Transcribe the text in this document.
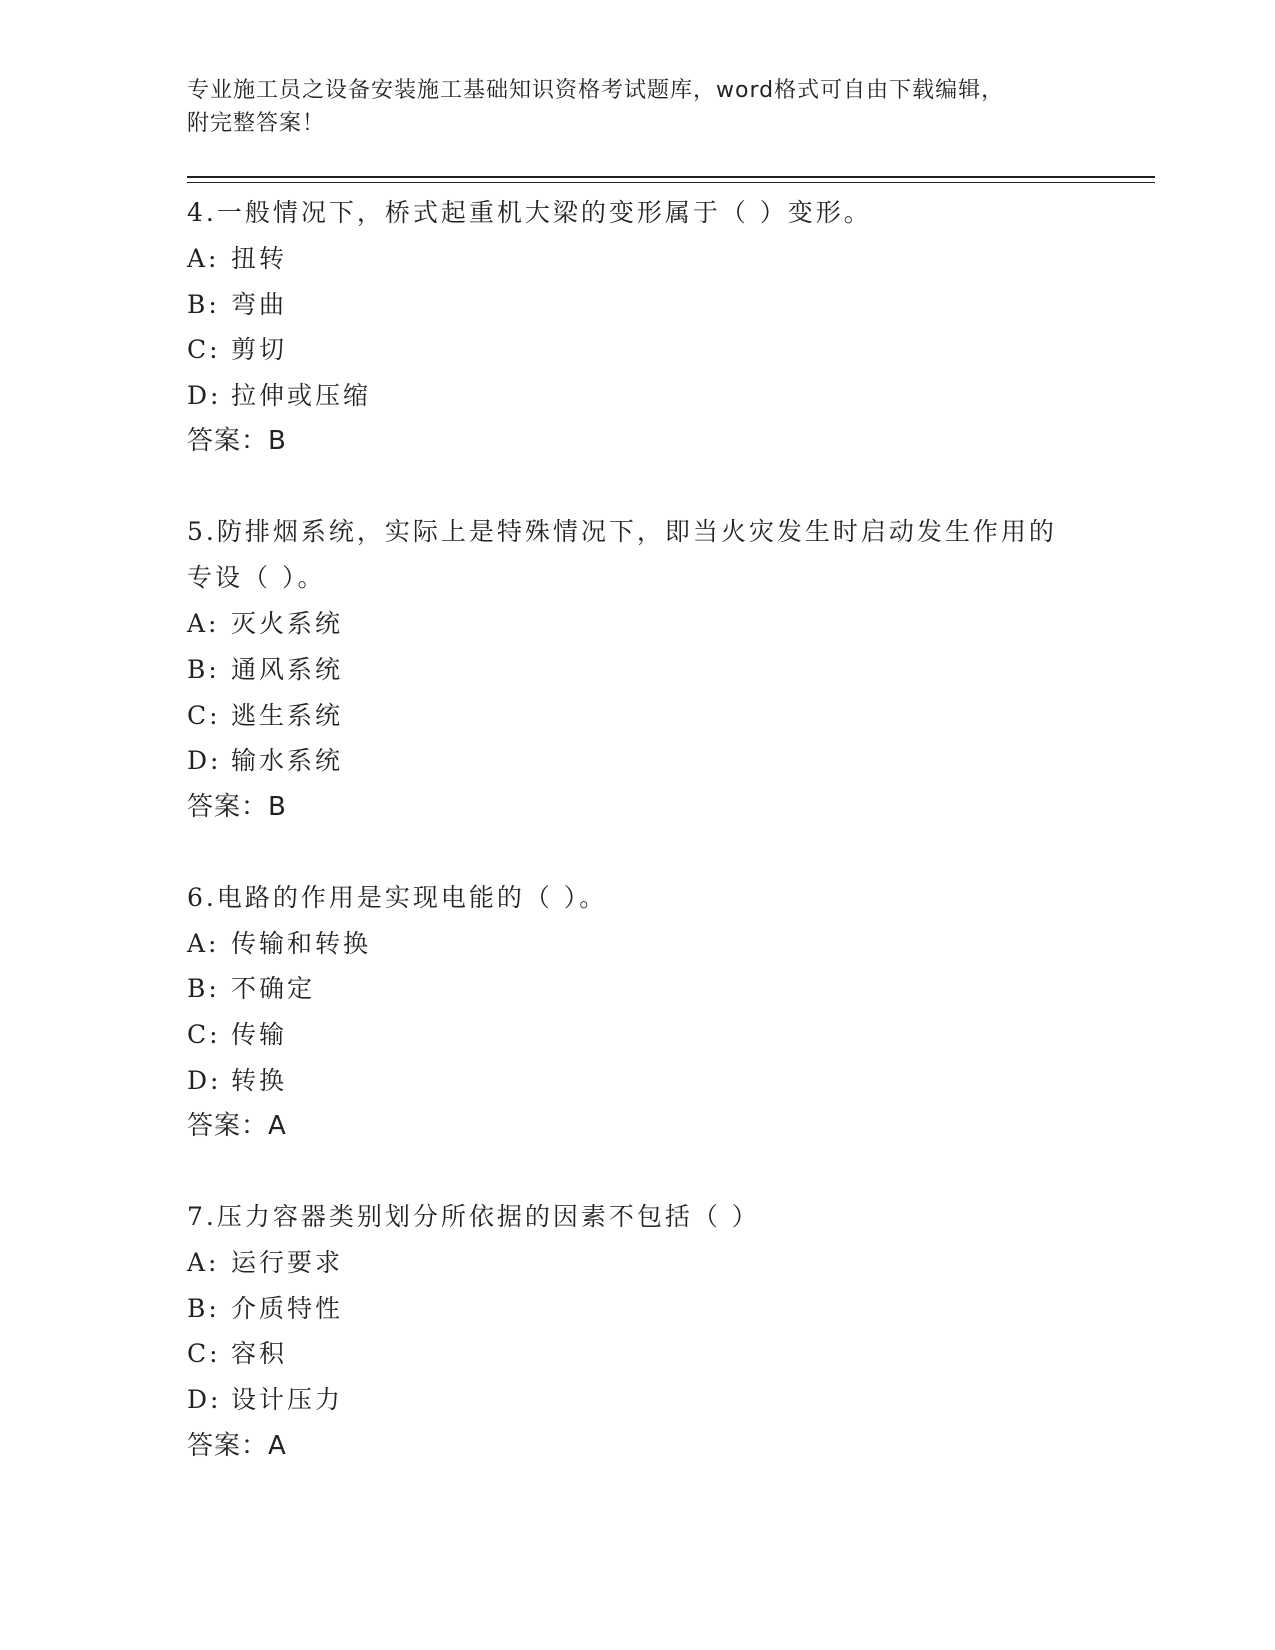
专业施工员之设备安装施工基础知识资格考试题库，word格式可自由下载编辑，
附完整答案！

4.一般情况下，桥式起重机大梁的变形属于（ ）变形。

A: 扭转
B: 弯曲
C: 剪切
D: 拉伸或压缩

答案：B

5.防排烟系统，实际上是特殊情况下，即当火灾发生时启动发生作用的专设（ ）。

A: 灭火系统
B: 通风系统
C: 逃生系统
D: 输水系统

答案：B

6.电路的作用是实现电能的（ ）。

A: 传输和转换
B: 不确定
C: 传输
D: 转换

答案：A

7.压力容器类别划分所依据的因素不包括（ ）

A: 运行要求
B: 介质特性
C: 容积
D: 设计压力

答案：A
